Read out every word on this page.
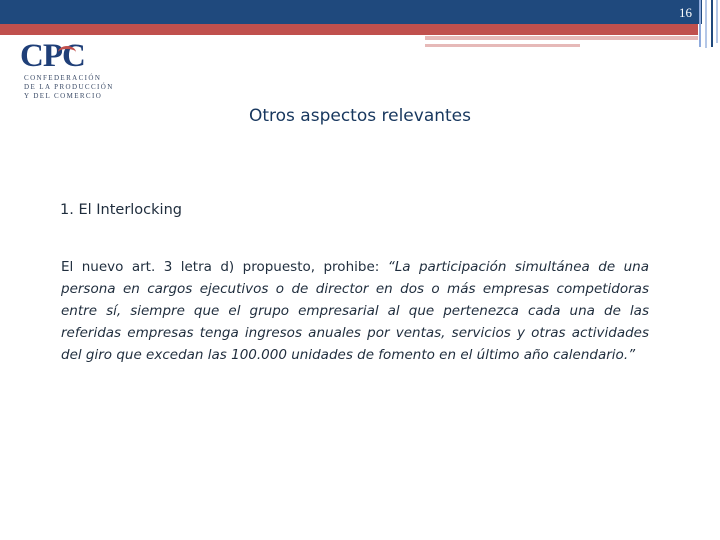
16
CPC
CONFEDERACIÓN
DE LA PRODUCCIÓN
Y DEL COMERCIO
Otros aspectos relevantes
1. El Interlocking
El nuevo art. 3 letra d) propuesto, prohibe: “La participación simultánea de una persona en cargos ejecutivos o de director en dos o más empresas competidoras entre sí, siempre que el grupo empresarial al que pertenezca cada una de las referidas empresas tenga ingresos anuales por ventas, servicios y otras actividades del giro que excedan las 100.000 unidades de fomento en el último año calendario.”
